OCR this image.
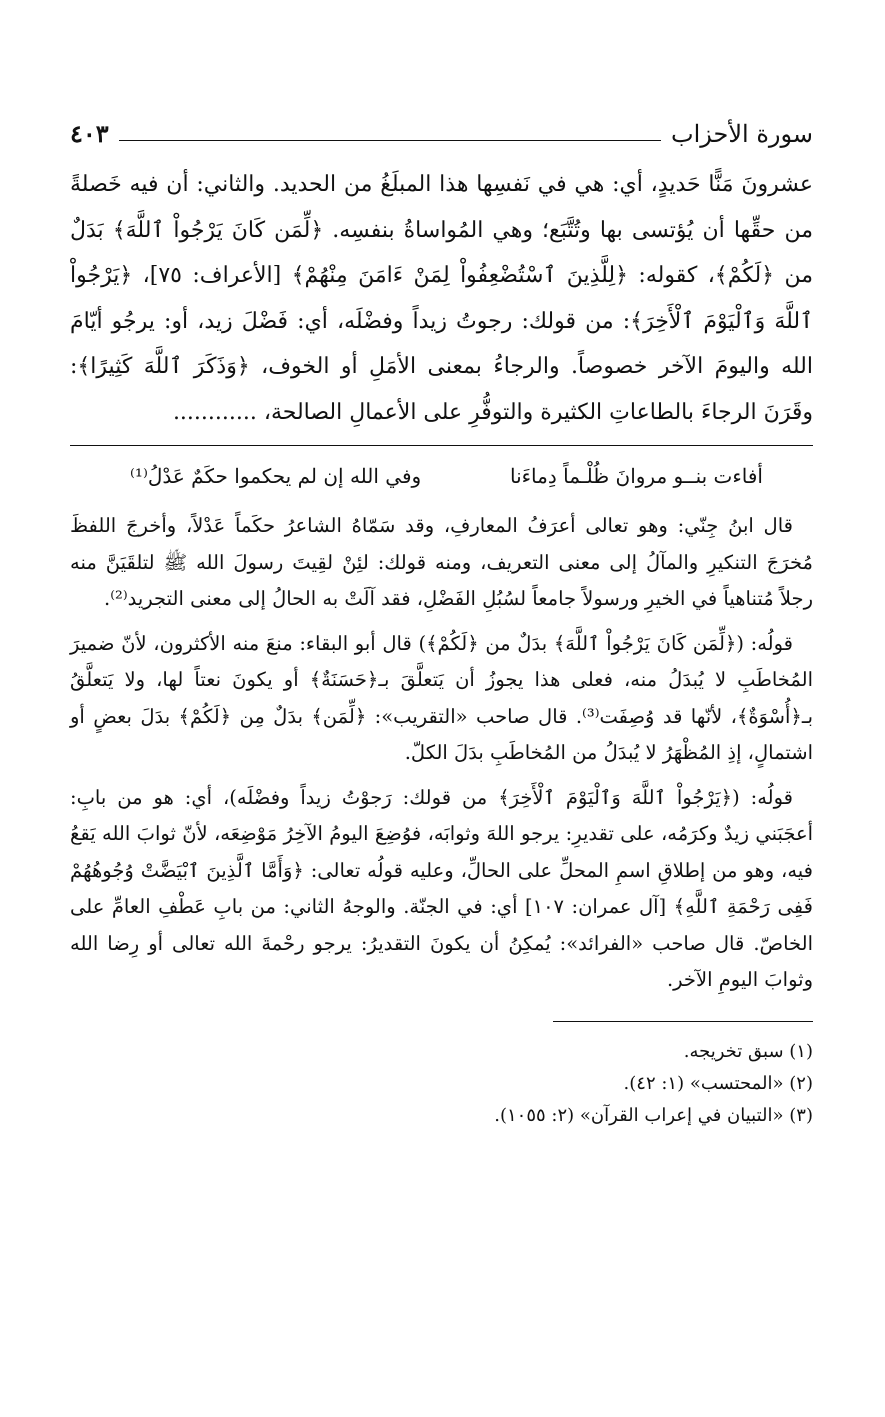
سورة الأحزاب
٤٠٣

عشرونَ مَنًّا حَديدٍ، أي: هي في نَفسِها هذا المبلَغُ من الحديد. والثاني: أن فيه خَصلةً من حقِّها أن يُؤتسى بها وتُتَّبَع؛ وهي المُواساةُ بنفسِه. ﴿لِّمَن كَانَ يَرْجُواْ ٱللَّهَ﴾ بَدَلٌ من ﴿لَكُمْ﴾، كقوله: ﴿لِلَّذِينَ ٱسْتُضْعِفُواْ لِمَنْ ءَامَنَ مِنْهُمْ﴾ [الأعراف: ٧٥]، ﴿يَرْجُواْ ٱللَّهَ وَٱلْيَوْمَ ٱلْأَخِرَ﴾: من قولك: رجوتُ زيداً وفضْلَه، أي: فَضْلَ زيد، أو: يرجُو أيّامَ الله واليومَ الآخر خصوصاً. والرجاءُ بمعنى الأمَلِ أو الخوف، ﴿وَذَكَرَ ٱللَّهَ كَثِيرًا﴾: وقَرَنَ الرجاءَ بالطاعاتِ الكثيرة والتوفُّرِ على الأعمالِ الصالحة، ............

أفاءت بنــو مروانَ ظُلْـماً دِماءَنا
وفي الله إن لم يحكموا حكَمٌ عَدْلُ⁽¹⁾

قال ابنُ جِنّي: وهو تعالى أعرَفُ المعارفِ، وقد سَمّاهُ الشاعرُ حكَماً عَدْلاً، وأخرجَ اللفظَ مُخرَجَ التنكيرِ والمآلُ إلى معنى التعريف، ومنه قولك: لئِنْ لقِيتَ رسولَ الله ﷺ لتلقَيَنَّ منه رجلاً مُتناهياً في الخيرِ ورسولاً جامعاً لسُبُلِ الفَضْلِ، فقد آلَتْ به الحالُ إلى معنى التجريد⁽²⁾.

قولُه: (﴿لِّمَن كَانَ يَرْجُواْ ٱللَّهَ﴾ بدَلٌ من ﴿لَكُمْ﴾) قال أبو البقاء: منعَ منه الأكثرون، لأنّ ضميرَ المُخاطَبِ لا يُبدَلُ منه، فعلى هذا يجوزُ أن يَتعلَّقَ بـ﴿حَسَنَةٌ﴾ أو يكونَ نعتاً لها، ولا يَتعلَّقُ بـ﴿أُسْوَةٌ﴾، لأنّها قد وُصِفَت⁽³⁾. قال صاحب «التقريب»: ﴿لِّمَن﴾ بدَلٌ مِن ﴿لَكُمْ﴾ بدَلَ بعضٍ أو اشتمالٍ، إذِ المُظْهَرُ لا يُبدَلُ من المُخاطَبِ بدَلَ الكلّ.

قولُه: (﴿يَرْجُواْ ٱللَّهَ وَٱلْيَوْمَ ٱلْأَخِرَ﴾ من قولك: رَجوْتُ زيداً وفضْلَه)، أي: هو من بابِ: أعجَبَني زيدٌ وكرَمُه، على تقديرِ: يرجو اللهَ وثوابَه، فوُضِعَ اليومُ الآخِرُ مَوْضِعَه، لأنّ ثوابَ الله يَقعُ فيه، وهو من إطلاقِ اسمِ المحلِّ على الحالِّ، وعليه قولُه تعالى: ﴿وَأَمَّا ٱلَّذِينَ ٱبْيَضَّتْ وُجُوهُهُمْ فَفِى رَحْمَةِ ٱللَّهِ﴾ [آل عمران: ١٠٧] أي: في الجنّة. والوجهُ الثاني: من بابِ عَطْفِ العامِّ على الخاصّ. قال صاحب «الفرائد»: يُمكِنُ أن يكونَ التقديرُ: يرجو رحْمةَ الله تعالى أو رِضا الله وثوابَ اليومِ الآخر.

(١) سبق تخريجه.

(٢) «المحتسب» (١: ٤٢).

(٣) «التبيان في إعراب القرآن» (٢: ١٠٥٥).
